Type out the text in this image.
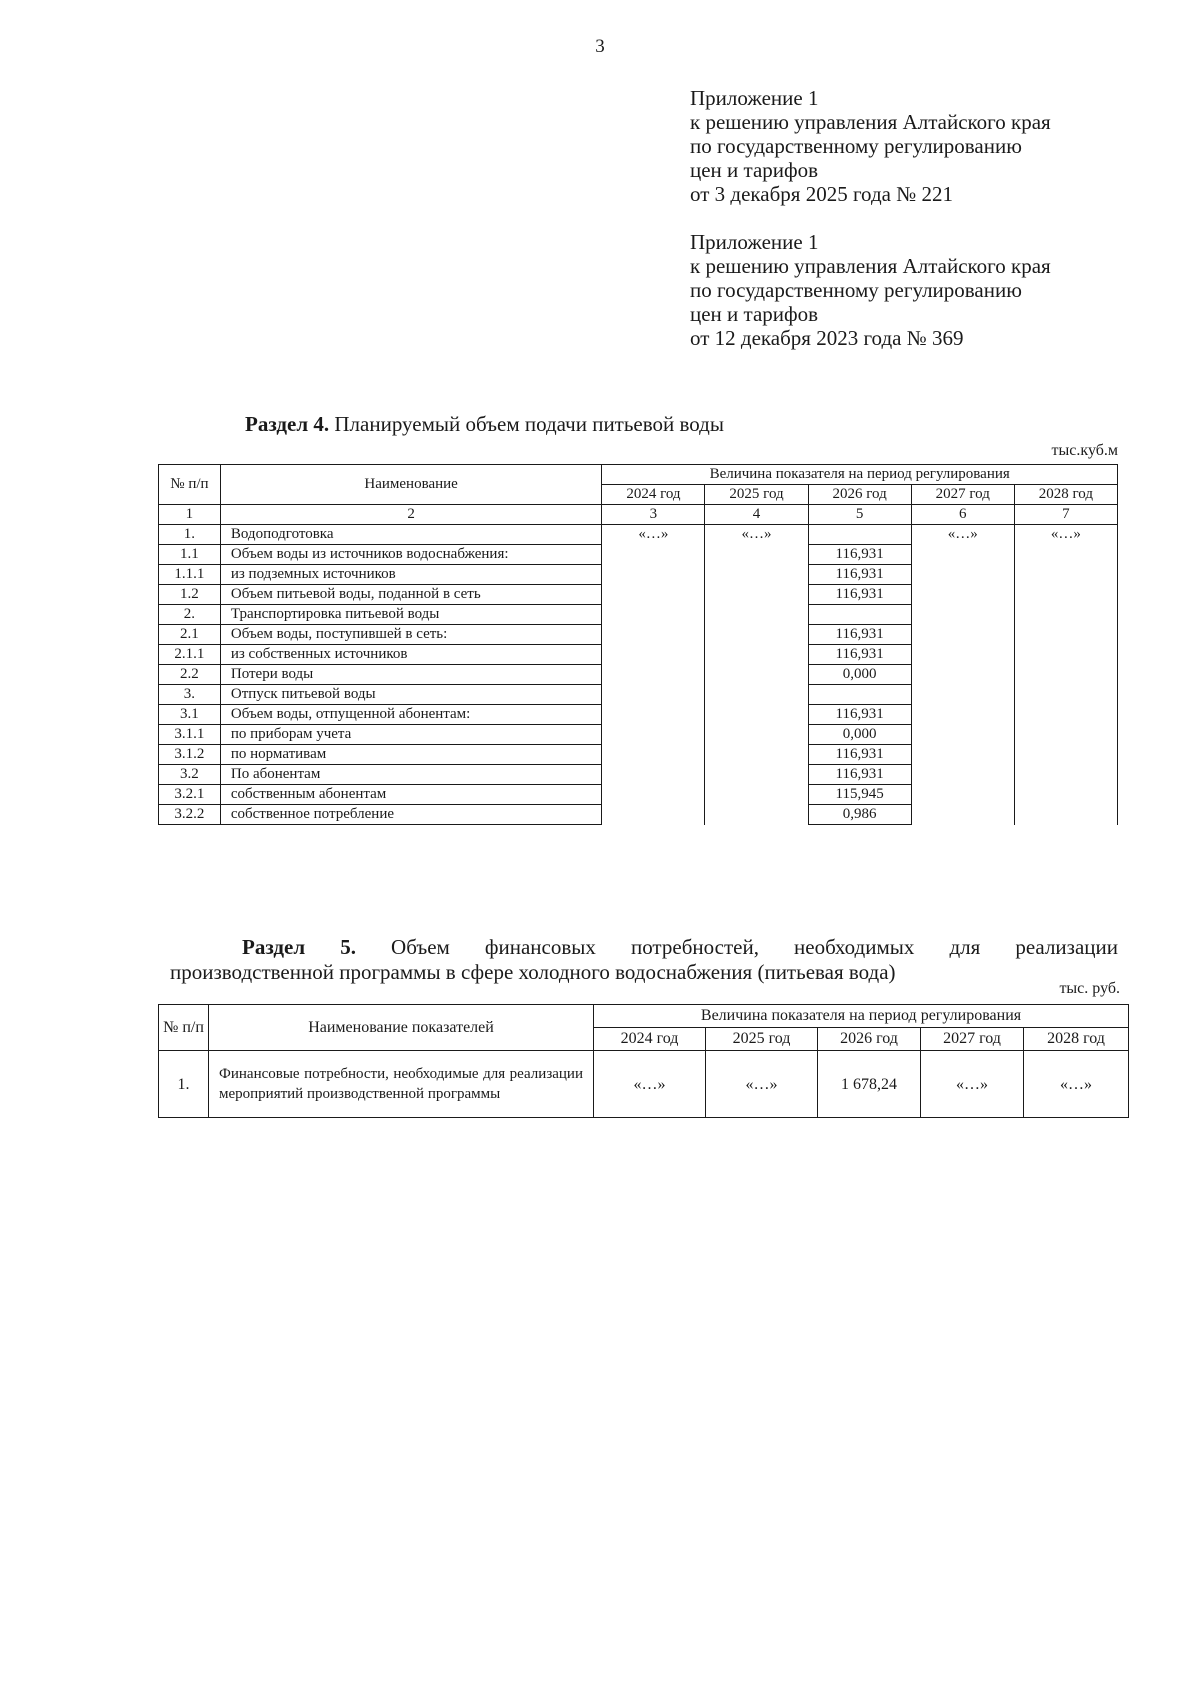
3
Приложение 1
к решению управления Алтайского края
по государственному регулированию
цен и тарифов
от 3 декабря 2025 года № 221
Приложение 1
к решению управления Алтайского края
по государственному регулированию
цен и тарифов
от 12 декабря 2023 года № 369
Раздел 4. Планируемый объем подачи питьевой воды
тыс.куб.м
№ п/п	Наименование	Величина показателя на период регулирования				
		2024 год	2025 год	2026 год	2027 год	2028 год
1	2	3	4	5	6	7
1.	Водоподготовка	«…»	«…»		«…»	«…»
1.1	Объем воды из источников водоснабжения:			116,931		
1.1.1	из подземных источников			116,931		
1.2	Объем питьевой воды, поданной в сеть			116,931		
2.	Транспортировка питьевой воды					
2.1	Объем воды, поступившей в сеть:			116,931		
2.1.1	из собственных источников			116,931		
2.2	Потери воды			0,000		
3.	Отпуск питьевой воды					
3.1	Объем воды, отпущенной абонентам:			116,931		
3.1.1	по приборам учета			0,000		
3.1.2	по нормативам			116,931		
3.2	По абонентам			116,931		
3.2.1	собственным абонентам			115,945		
3.2.2	собственное потребление			0,986		
Раздел 5. Объем финансовых потребностей, необходимых для реализации
производственной программы в сфере холодного водоснабжения (питьевая вода)
тыс. руб.
№ п/п	Наименование показателей	Величина показателя на период регулирования				
		2024 год	2025 год	2026 год	2027 год	2028 год
1.	Финансовые потребности, необходимые для реализации мероприятий производственной программы	«…»	«…»	1 678,24	«…»	«…»
